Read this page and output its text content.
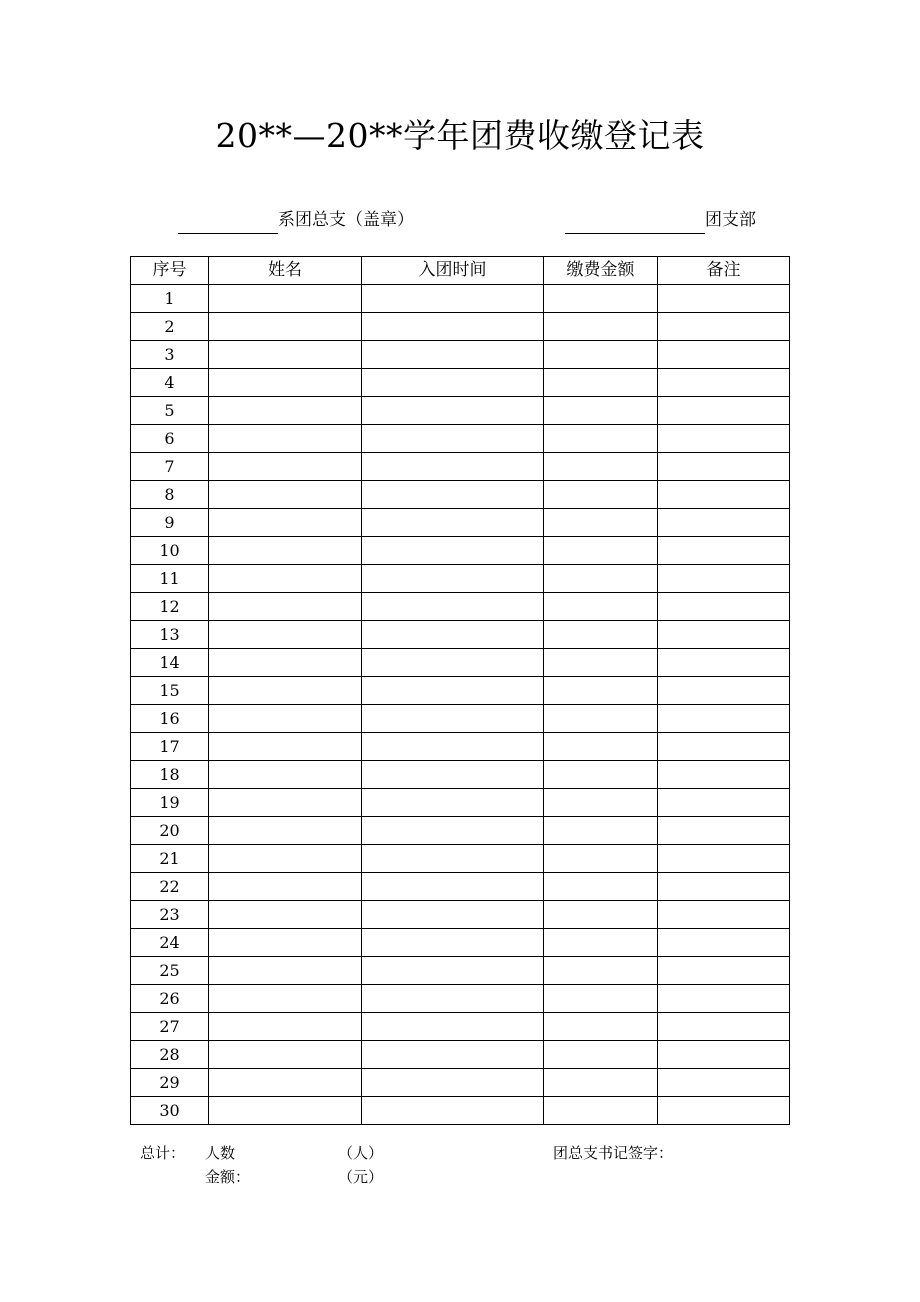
20**—20**学年团费收缴登记表
系团总支（盖章）	团支部
序号	姓名	入团时间	缴费金额	备注
1				
2				
3				
4				
5				
6				
7				
8				
9				
10				
11				
12				
13				
14				
15				
16				
17				
18				
19				
20				
21				
22				
23				
24				
25				
26				
27				
28				
29				
30				
总计： 人数	（人）	团总支书记签字：
金额：	（元）
